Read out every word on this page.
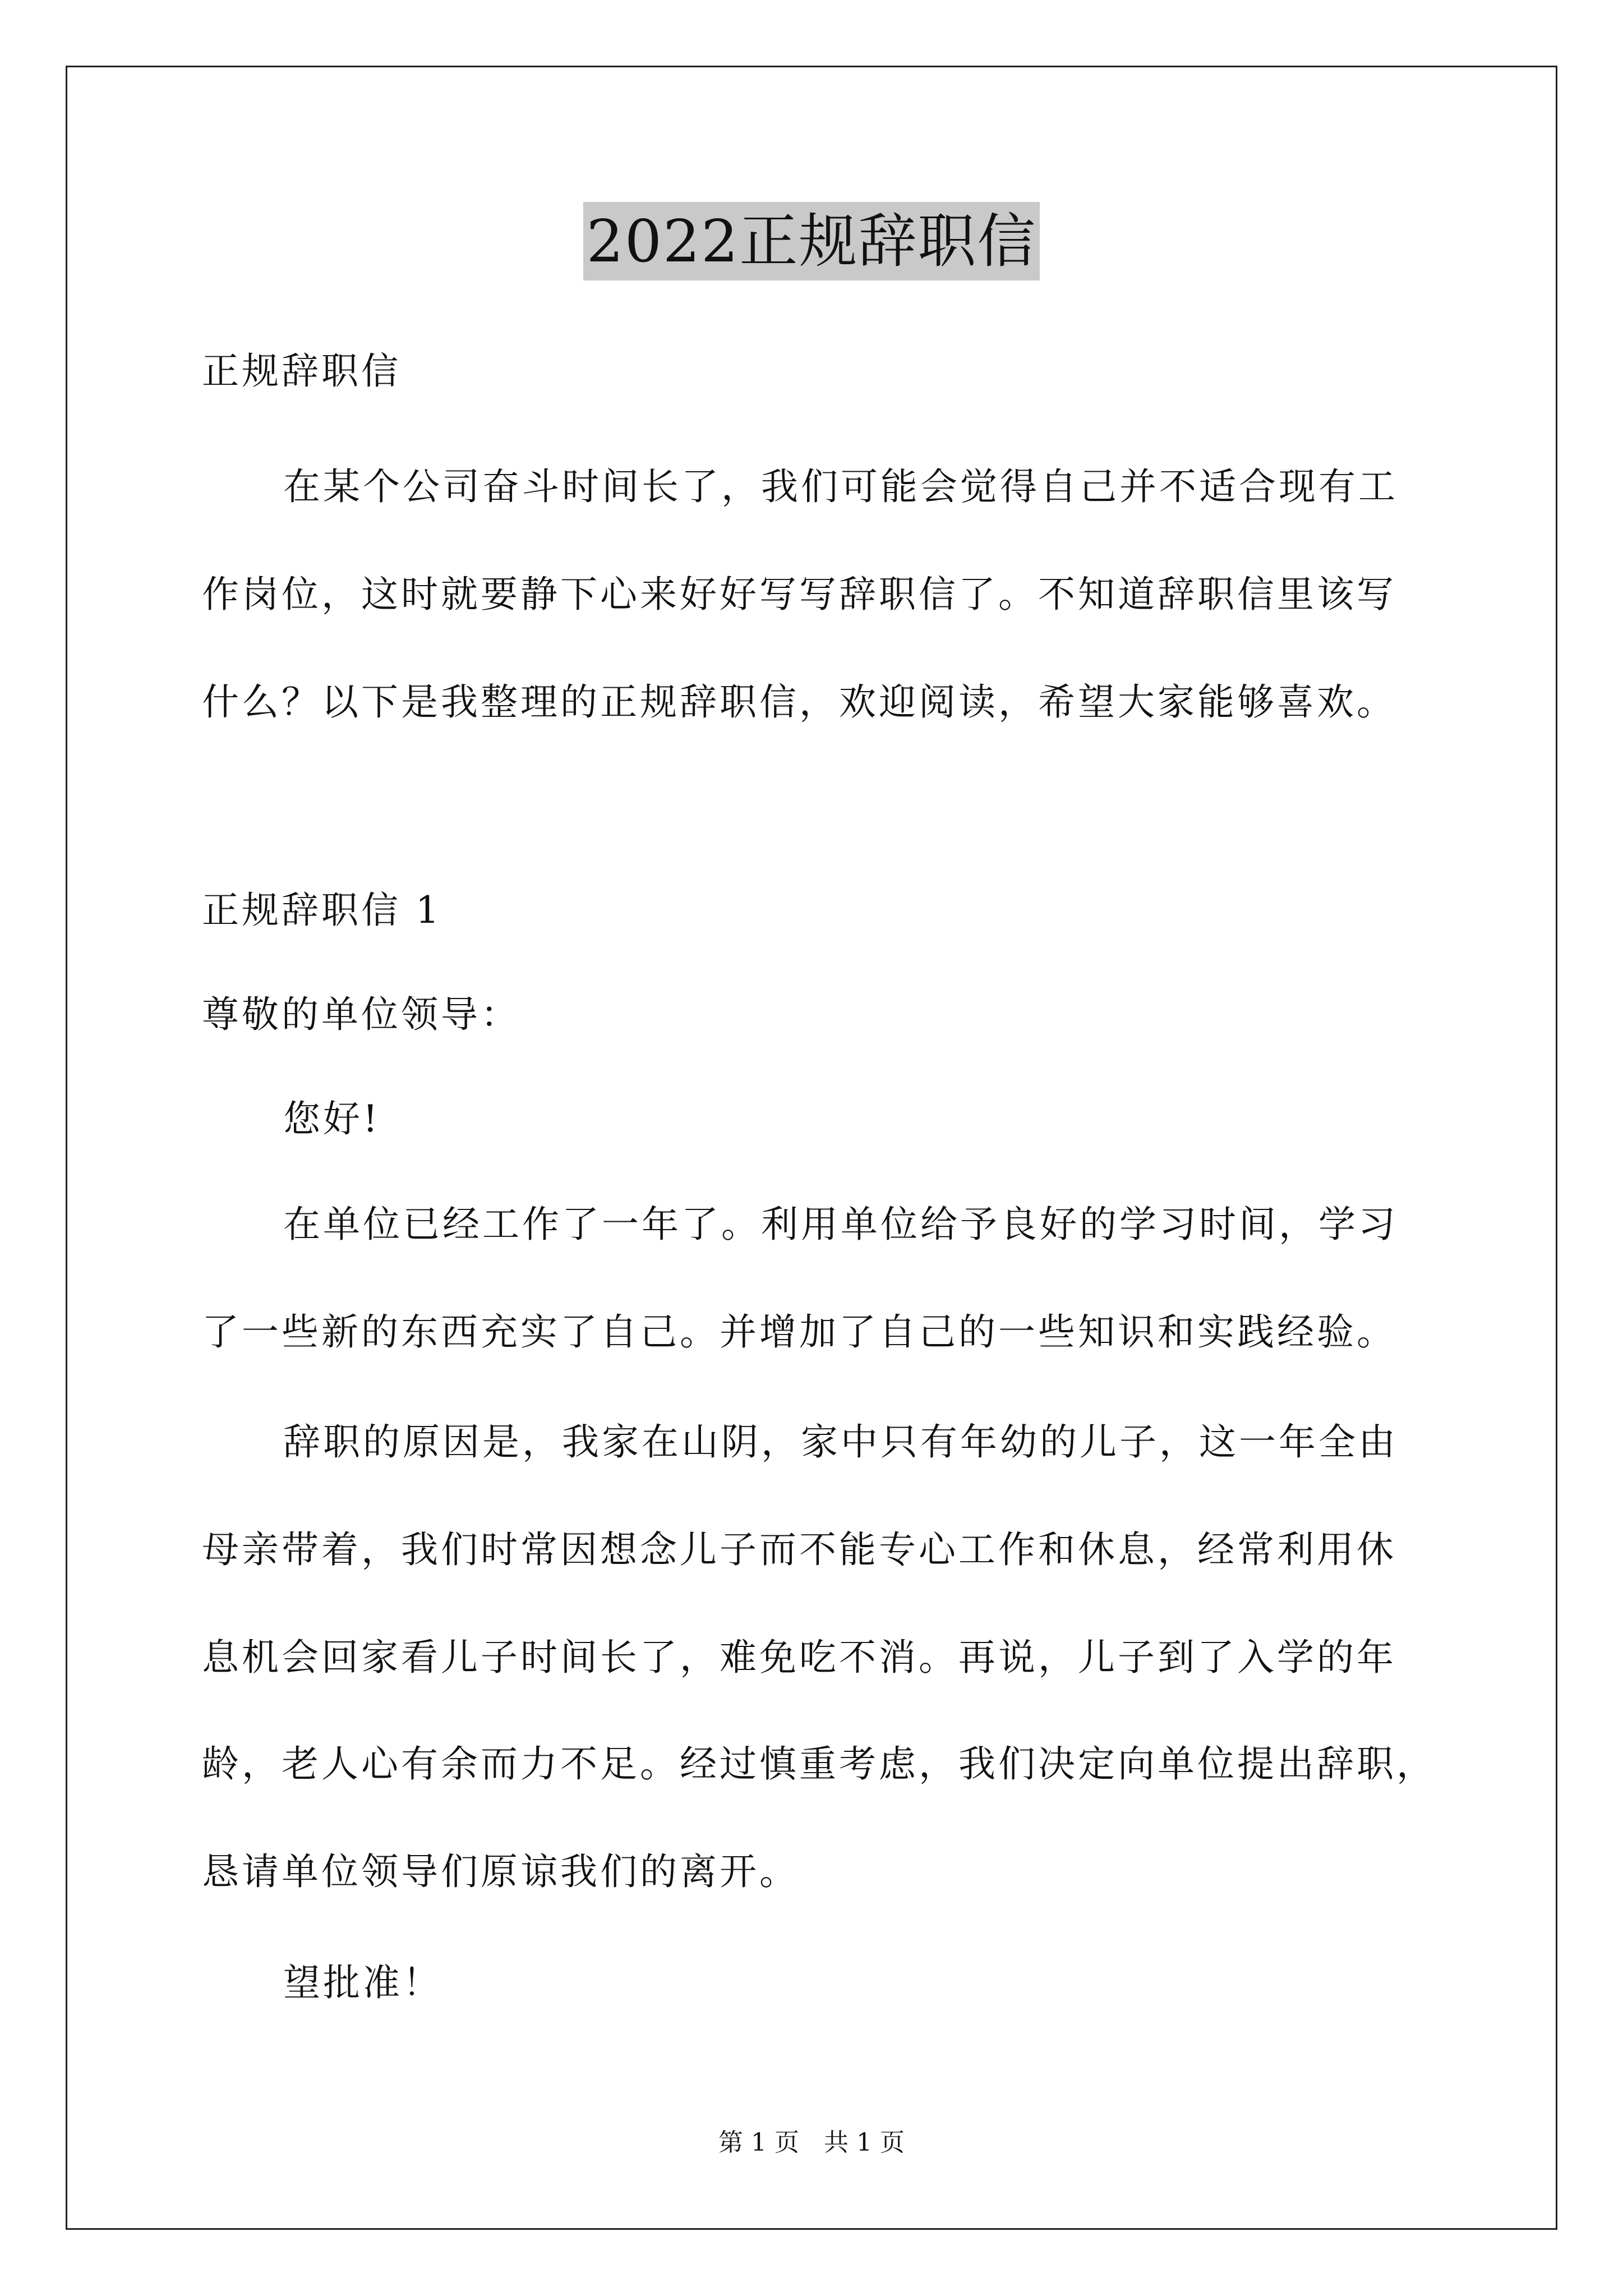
2022正规辞职信
正规辞职信
在某个公司奋斗时间长了，我们可能会觉得自己并不适合现有工
作岗位，这时就要静下心来好好写写辞职信了。不知道辞职信里该写
什么？以下是我整理的正规辞职信，欢迎阅读，希望大家能够喜欢。
正规辞职信 1
尊敬的单位领导：
您好!
在单位已经工作了一年了。利用单位给予良好的学习时间，学习
了一些新的东西充实了自己。并增加了自己的一些知识和实践经验。
辞职的原因是，我家在山阴，家中只有年幼的儿子，这一年全由
母亲带着，我们时常因想念儿子而不能专心工作和休息，经常利用休
息机会回家看儿子时间长了，难免吃不消。再说，儿子到了入学的年
龄，老人心有余而力不足。经过慎重考虑，我们决定向单位提出辞职，
恳请单位领导们原谅我们的离开。
望批准！
第 1 页　共 1 页
